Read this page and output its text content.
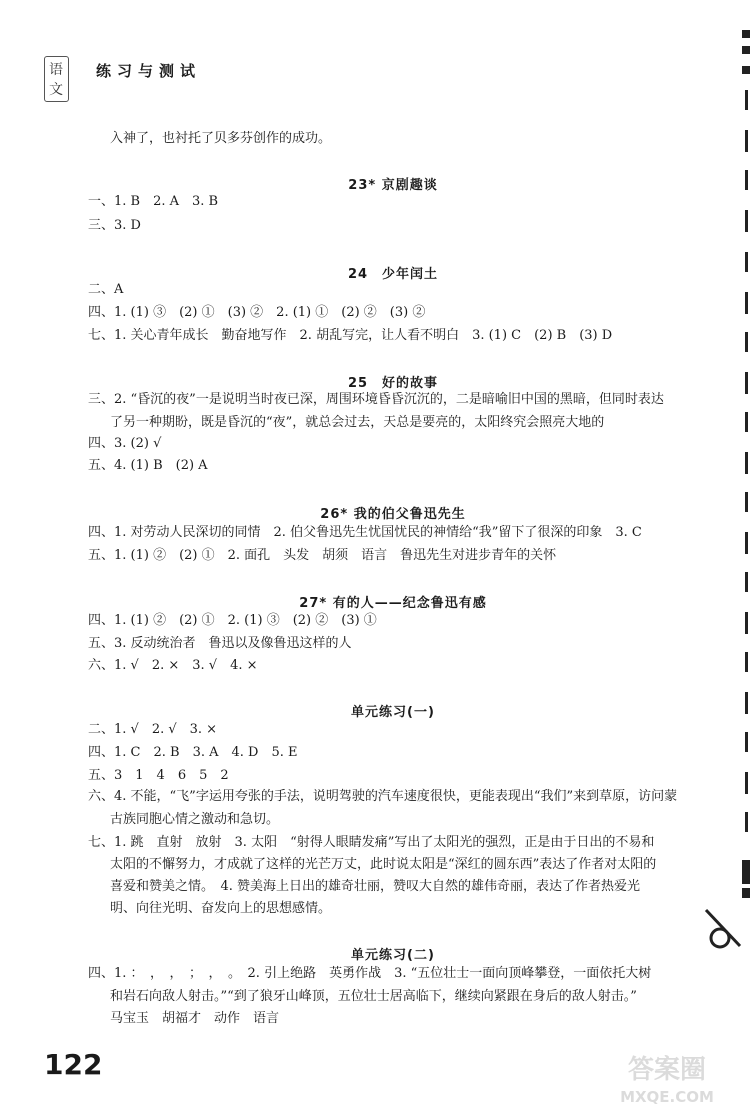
语文
练习与测试
入神了，也衬托了贝多芬创作的成功。
23* 京剧趣谈
一、1. B　2. A　3. B
三、3. D
24　少年闰土
二、A
四、1. (1) ③　(2) ①　(3) ②　2. (1) ①　(2) ②　(3) ②
七、1. 关心青年成长　勤奋地写作　2. 胡乱写完，让人看不明白　3. (1) C　(2) B　(3) D
25　好的故事
三、2. “昏沉的夜”一是说明当时夜已深，周围环境昏昏沉沉的，二是暗喻旧中国的黑暗，但同时表达
了另一种期盼，既是昏沉的“夜”，就总会过去，天总是要亮的，太阳终究会照亮大地的
四、3. (2) √
五、4. (1) B　(2) A
26* 我的伯父鲁迅先生
四、1. 对劳动人民深切的同情　2. 伯父鲁迅先生忧国忧民的神情给“我”留下了很深的印象　3. C
五、1. (1) ②　(2) ①　2. 面孔　头发　胡须　语言　鲁迅先生对进步青年的关怀
27* 有的人——纪念鲁迅有感
四、1. (1) ②　(2) ①　2. (1) ③　(2) ②　(3) ①
五、3. 反动统治者　鲁迅以及像鲁迅这样的人
六、1. √　2. ×　3. √　4. ×
单元练习(一)
二、1. √　2. √　3. ×
四、1. C　2. B　3. A　4. D　5. E
五、3　1　4　6　5　2
六、4. 不能，“飞”字运用夸张的手法，说明驾驶的汽车速度很快，更能表现出“我们”来到草原，访问蒙
古族同胞心情之激动和急切。
七、1. 跳　直射　放射　3. 太阳　“射得人眼睛发痛”写出了太阳光的强烈，正是由于日出的不易和
太阳的不懈努力，才成就了这样的光芒万丈，此时说太阳是“深红的圆东西”表达了作者对太阳的
喜爱和赞美之情。　4. 赞美海上日出的雄奇壮丽，赞叹大自然的雄伟奇丽，表达了作者热爱光
明、向往光明、奋发向上的思想感情。
单元练习(二)
四、1. ：　，　，　；　，　。　2. 引上绝路　英勇作战　3. “五位壮士一面向顶峰攀登，一面依托大树
和岩石向敌人射击。”“到了狼牙山峰顶，五位壮士居高临下，继续向紧跟在身后的敌人射击。”
马宝玉　胡福才　动作　语言
122	答案圈
MXQE.COM
